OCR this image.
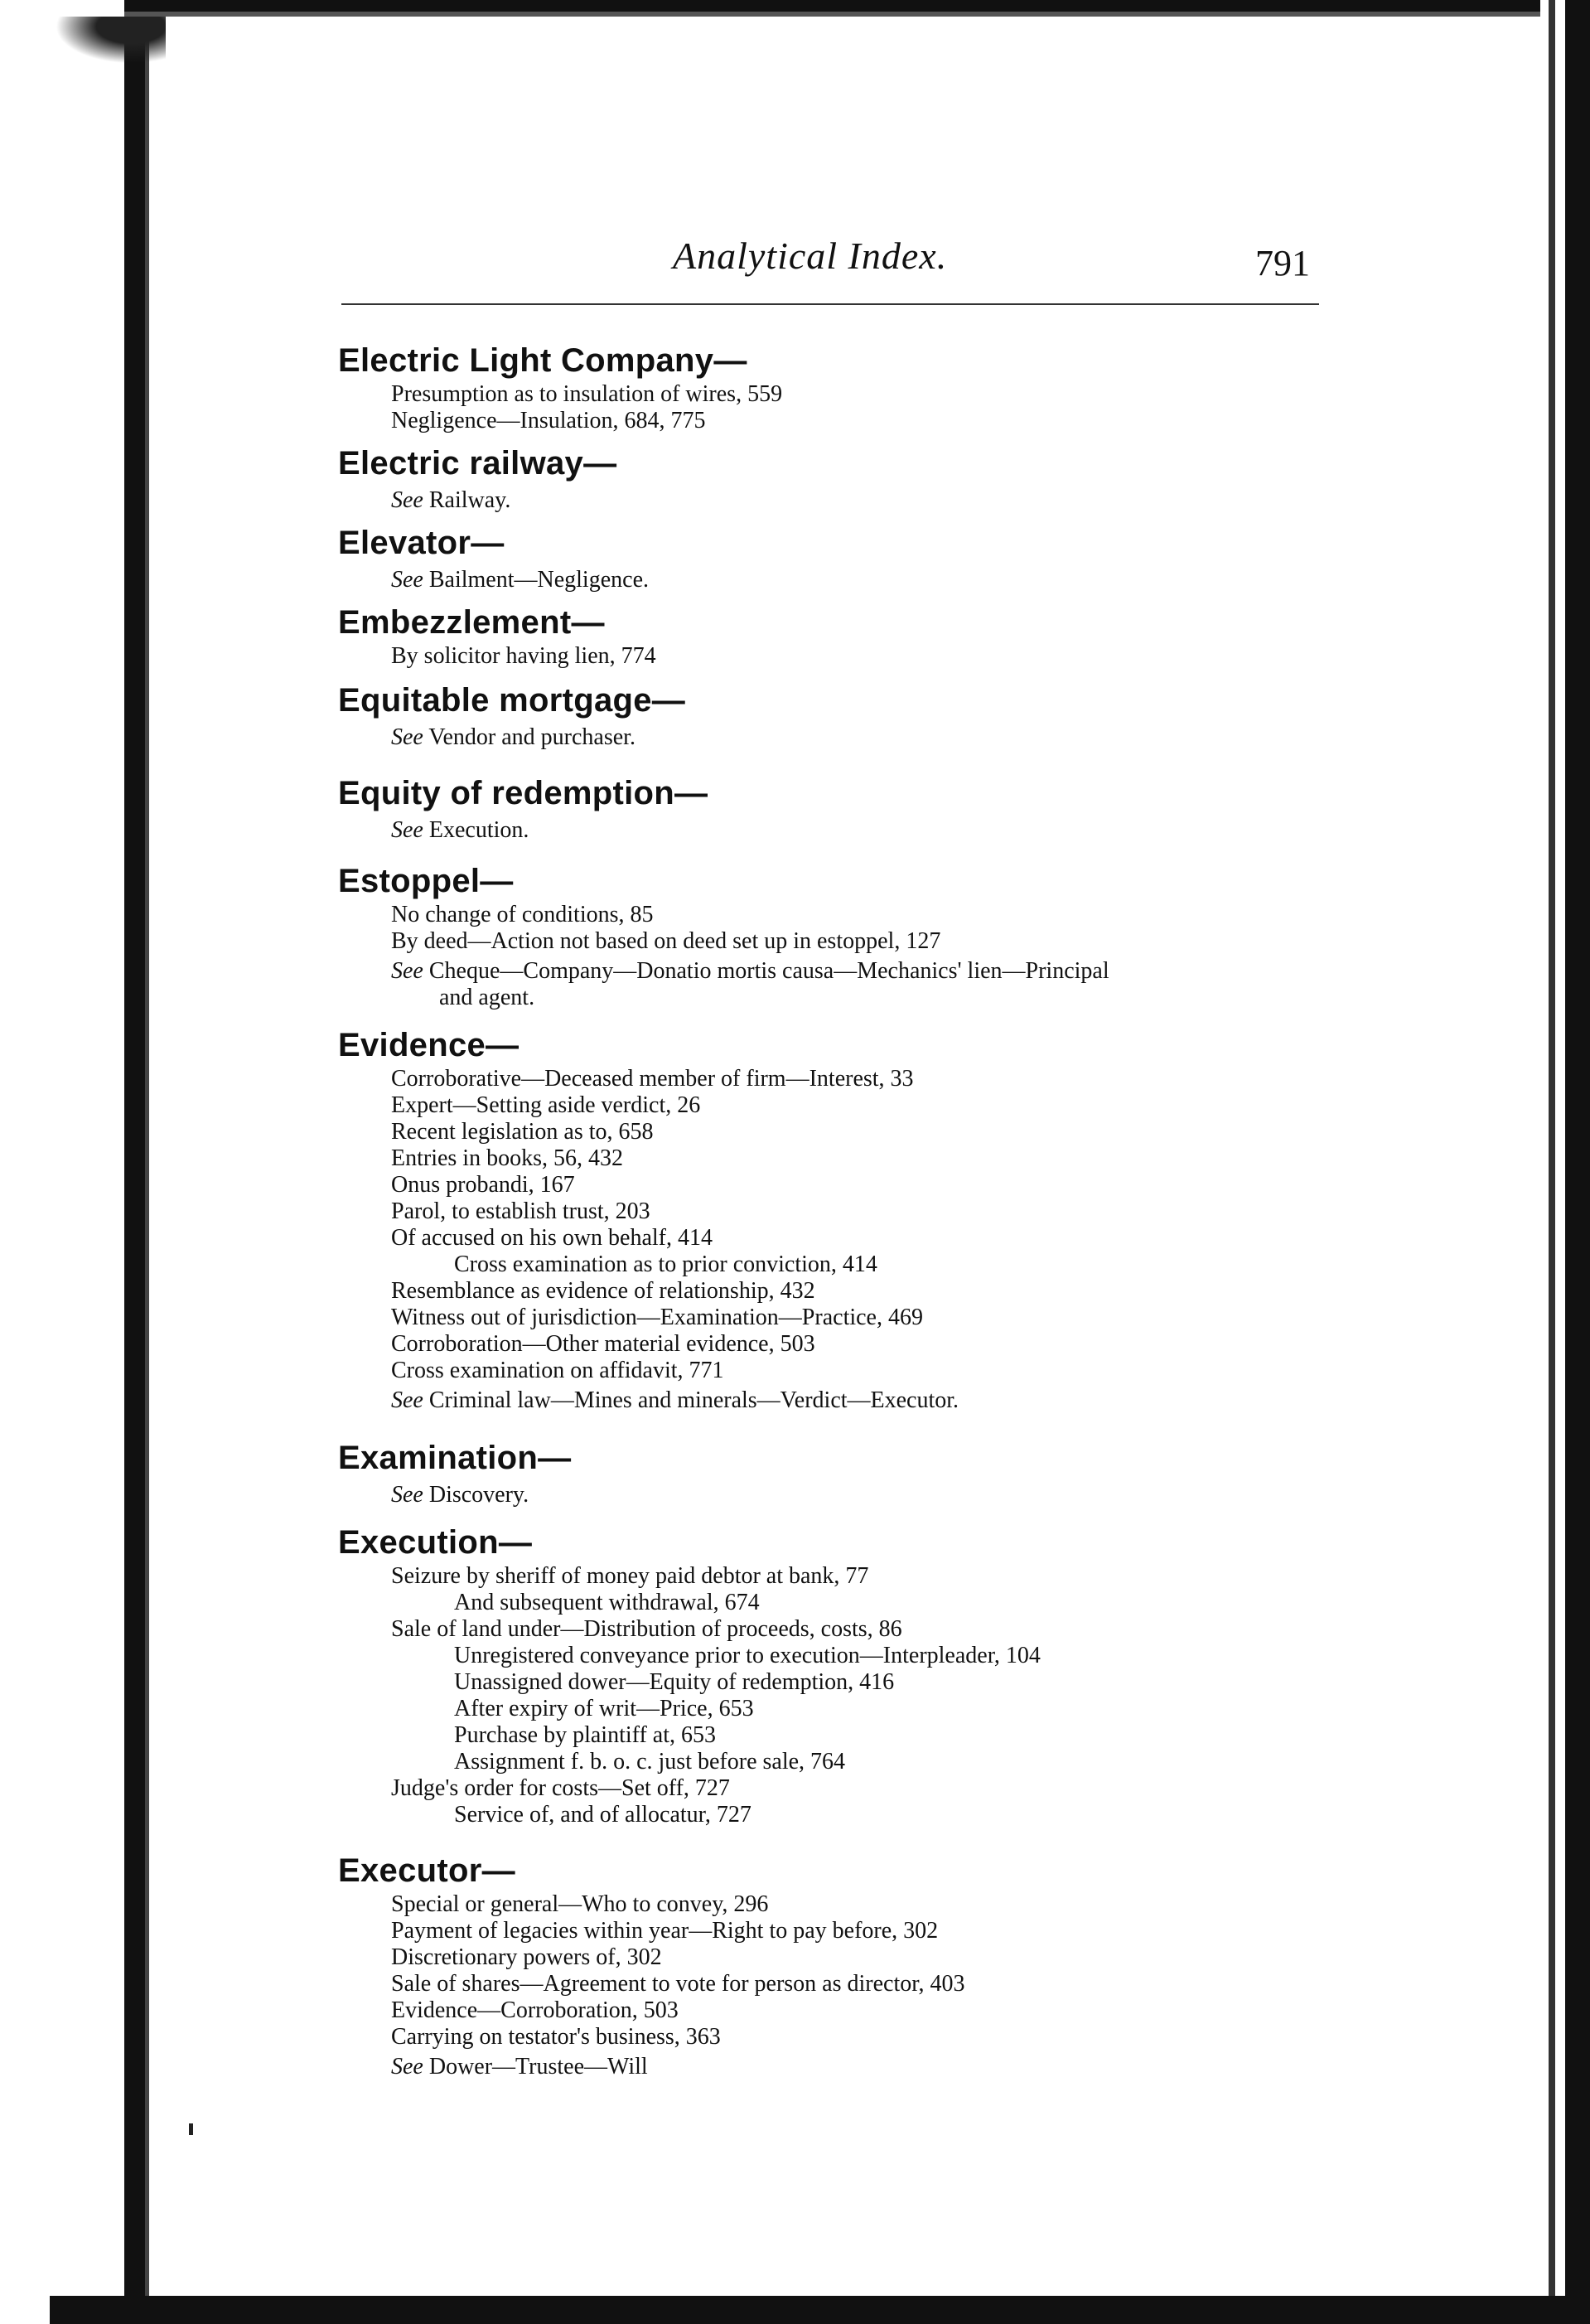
Analytical Index.	791
Electric Light Company—
Presumption as to insulation of wires, 559
Negligence—Insulation, 684, 775
Electric railway—
See Railway.
Elevator—
See Bailment—Negligence.
Embezzlement—
By solicitor having lien, 774
Equitable mortgage—
See Vendor and purchaser.
Equity of redemption—
See Execution.
Estoppel—
No change of conditions, 85
By deed—Action not based on deed set up in estoppel, 127
See Cheque—Company—Donatio mortis causa—Mechanics' lien—Principal
and agent.
Evidence—
Corroborative—Deceased member of firm—Interest, 33
Expert—Setting aside verdict, 26
Recent legislation as to, 658
Entries in books, 56, 432
Onus probandi, 167
Parol, to establish trust, 203
Of accused on his own behalf, 414
Cross examination as to prior conviction, 414
Resemblance as evidence of relationship, 432
Witness out of jurisdiction—Examination—Practice, 469
Corroboration—Other material evidence, 503
Cross examination on affidavit, 771
See Criminal law—Mines and minerals—Verdict—Executor.
Examination—
See Discovery.
Execution—
Seizure by sheriff of money paid debtor at bank, 77
And subsequent withdrawal, 674
Sale of land under—Distribution of proceeds, costs, 86
Unregistered conveyance prior to execution—Interpleader, 104
Unassigned dower—Equity of redemption, 416
After expiry of writ—Price, 653
Purchase by plaintiff at, 653
Assignment f. b. o. c. just before sale, 764
Judge's order for costs—Set off, 727
Service of, and of allocatur, 727
Executor—
Special or general—Who to convey, 296
Payment of legacies within year—Right to pay before, 302
Discretionary powers of, 302
Sale of shares—Agreement to vote for person as director, 403
Evidence—Corroboration, 503
Carrying on testator's business, 363
See Dower—Trustee—Will
